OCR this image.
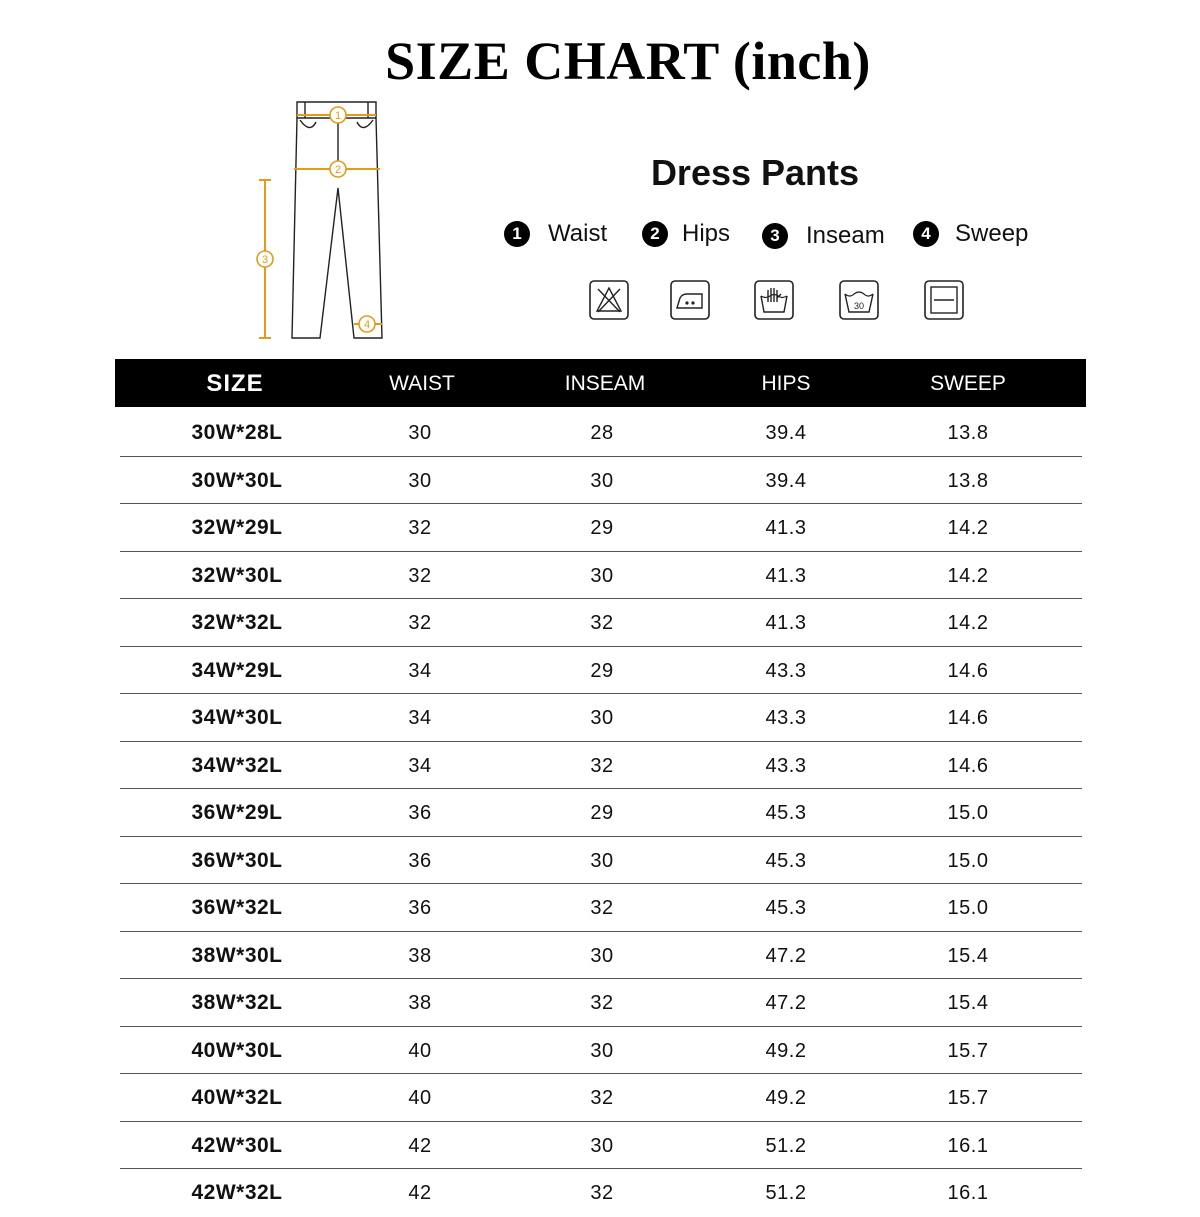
SIZE CHART (inch)
1
2
3
4
Dress Pants
1	Waist	2 Hips	3	Inseam	4	Sweep
30
SIZE	WAIST	INSEAM	HIPS	SWEEP
30W*28L	30	28	39.4	13.8
30W*30L	30	30	39.4	13.8
32W*29L	32	29	41.3	14.2
32W*30L	32	30	41.3	14.2
32W*32L	32	32	41.3	14.2
34W*29L	34	29	43.3	14.6
34W*30L	34	30	43.3	14.6
34W*32L	34	32	43.3	14.6
36W*29L	36	29	45.3	15.0
36W*30L	36	30	45.3	15.0
36W*32L	36	32	45.3	15.0
38W*30L	38	30	47.2	15.4
38W*32L	38	32	47.2	15.4
40W*30L	40	30	49.2	15.7
40W*32L	40	32	49.2	15.7
42W*30L	42	30	51.2	16.1
42W*32L	42	32	51.2	16.1
